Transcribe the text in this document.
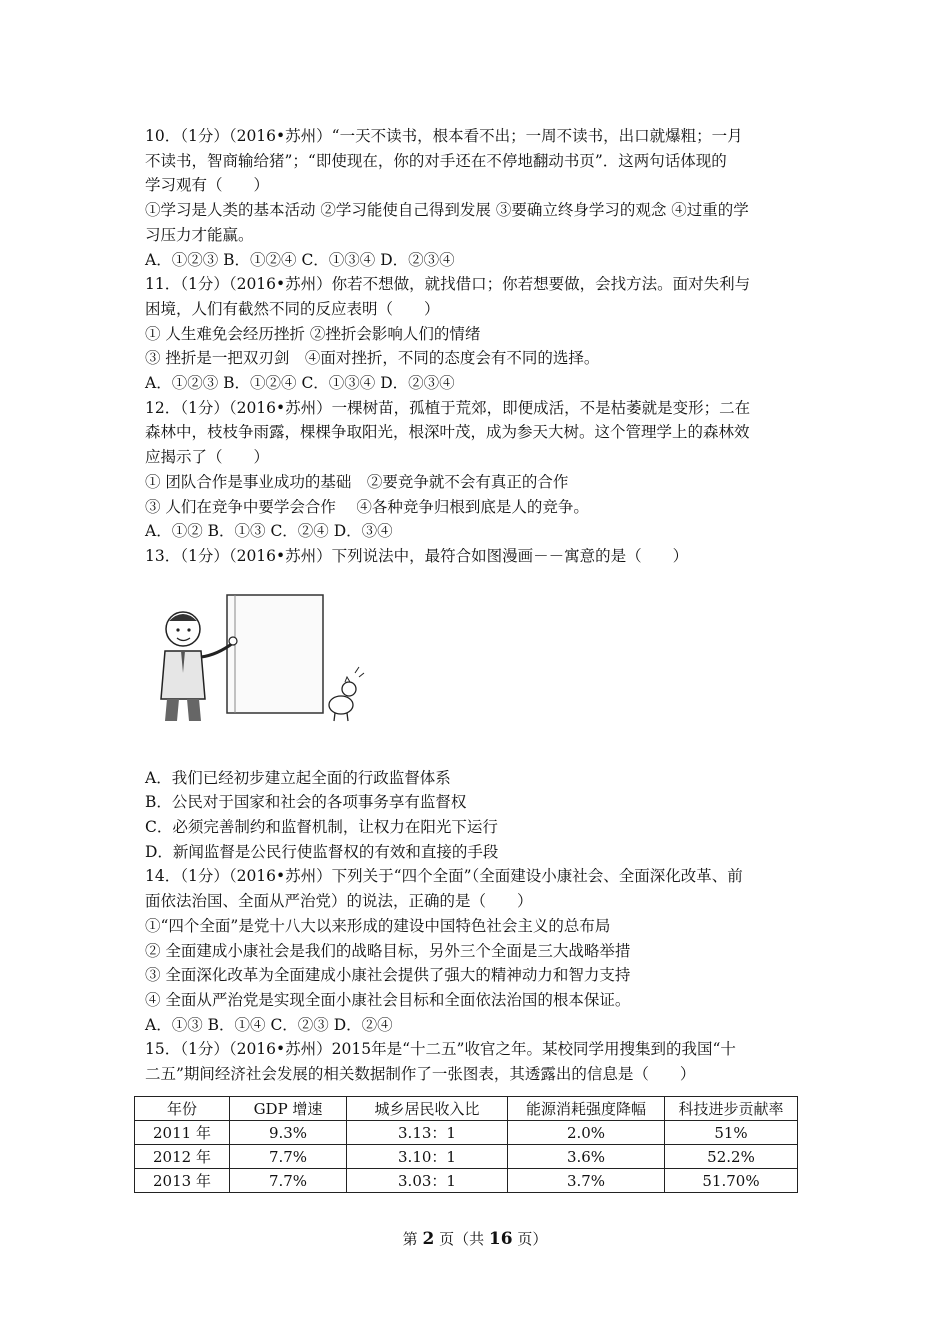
10．（1分）（2016•苏州）“一天不读书，根本看不出；一周不读书，出口就爆粗；一月
不读书，智商输给猪”；“即使现在，你的对手还在不停地翻动书页”．这两句话体现的
学习观有（　　）
①学习是人类的基本活动 ②学习能使自己得到发展 ③要确立终身学习的观念 ④过重的学
习压力才能赢。
A．①②③ B．①②④ C．①③④ D．②③④
11．（1分）（2016•苏州）你若不想做，就找借口；你若想要做，会找方法。面对失利与
困境，人们有截然不同的反应表明（　　）
① 人生难免会经历挫折 ②挫折会影响人们的情绪
③ 挫折是一把双刃剑　④面对挫折，不同的态度会有不同的选择。
A．①②③ B．①②④ C．①③④ D．②③④
12．（1分）（2016•苏州）一棵树苗，孤植于荒郊，即便成活，不是枯萎就是变形；二在
森林中，枝枝争雨露，棵棵争取阳光，根深叶茂，成为参天大树。这个管理学上的森林效
应揭示了（　　）
① 团队合作是事业成功的基础　②要竞争就不会有真正的合作
③ 人们在竞争中要学会合作　 ④各种竞争归根到底是人的竞争。
A．①② B．①③ C．②④ D．③④
13．（1分）（2016•苏州）下列说法中，最符合如图漫画－－寓意的是（　　）
A．我们已经初步建立起全面的行政监督体系
B．公民对于国家和社会的各项事务享有监督权
C．必须完善制约和监督机制，让权力在阳光下运行
D．新闻监督是公民行使监督权的有效和直接的手段
14．（1分）（2016•苏州）下列关于“四个全面”（全面建设小康社会、全面深化改革、前
面依法治国、全面从严治党）的说法，正确的是（　　）
①“四个全面”是党十八大以来形成的建设中国特色社会主义的总布局
② 全面建成小康社会是我们的战略目标，另外三个全面是三大战略举措
③ 全面深化改革为全面建成小康社会提供了强大的精神动力和智力支持
④ 全面从严治党是实现全面小康社会目标和全面依法治国的根本保证。
A．①③ B．①④ C．②③ D．②④
15．（1分）（2016•苏州）2015年是“十二五”收官之年。某校同学用搜集到的我国“十
二五”期间经济社会发展的相关数据制作了一张图表，其透露出的信息是（　　）
年份	GDP 增速	城乡居民收入比	能源消耗强度降幅	科技进步贡献率
2011 年	9.3%	3.13：1	2.0%	51%
2012 年	7.7%	3.10：1	3.6%	52.2%
2013 年	7.7%	3.03：1	3.7%	51.70%
第 2 页（共 16 页）
